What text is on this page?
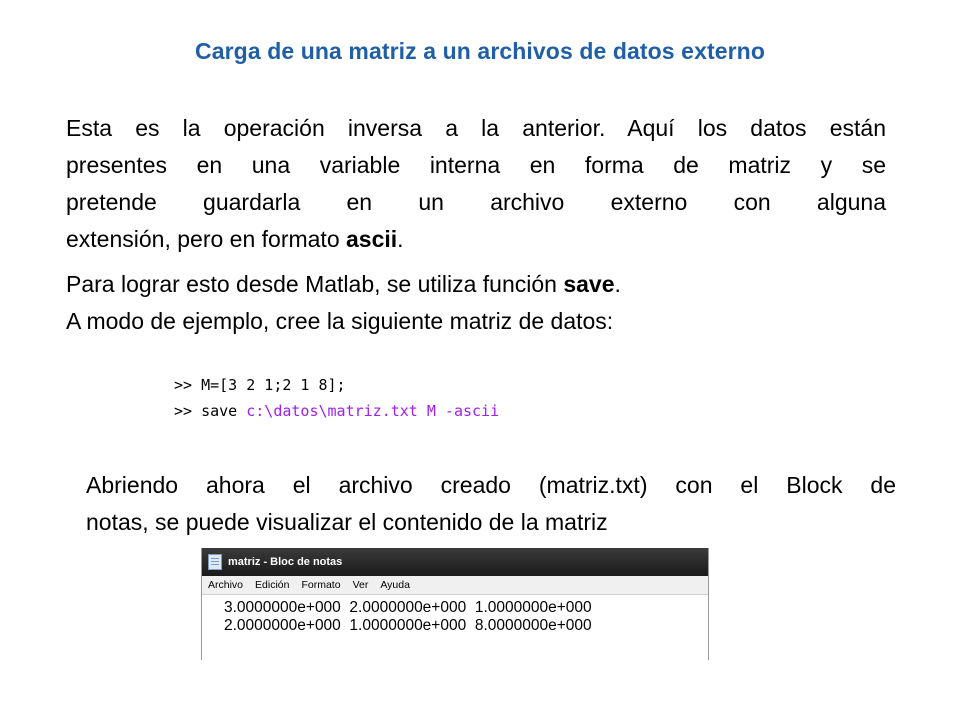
Carga de una matriz a un archivos de datos externo
Esta es la operación inversa a la anterior. Aquí los datos están
presentes en una variable interna en forma de matriz y se
pretende guardarla en un archivo externo con alguna
extensión, pero en formato ascii.
Para lograr esto desde Matlab, se utiliza función save.
A modo de ejemplo, cree la siguiente matriz de datos:
>> M=[3 2 1;2 1 8];
>> save c:\datos\matriz.txt M -ascii
Abriendo ahora el archivo creado (matriz.txt) con el Block de
notas, se puede visualizar el contenido de la matriz
matriz - Bloc de notas
Archivo	Edición	Formato	Ver	Ayuda
3.0000000e+000  2.0000000e+000  1.0000000e+000
2.0000000e+000  1.0000000e+000  8.0000000e+000
